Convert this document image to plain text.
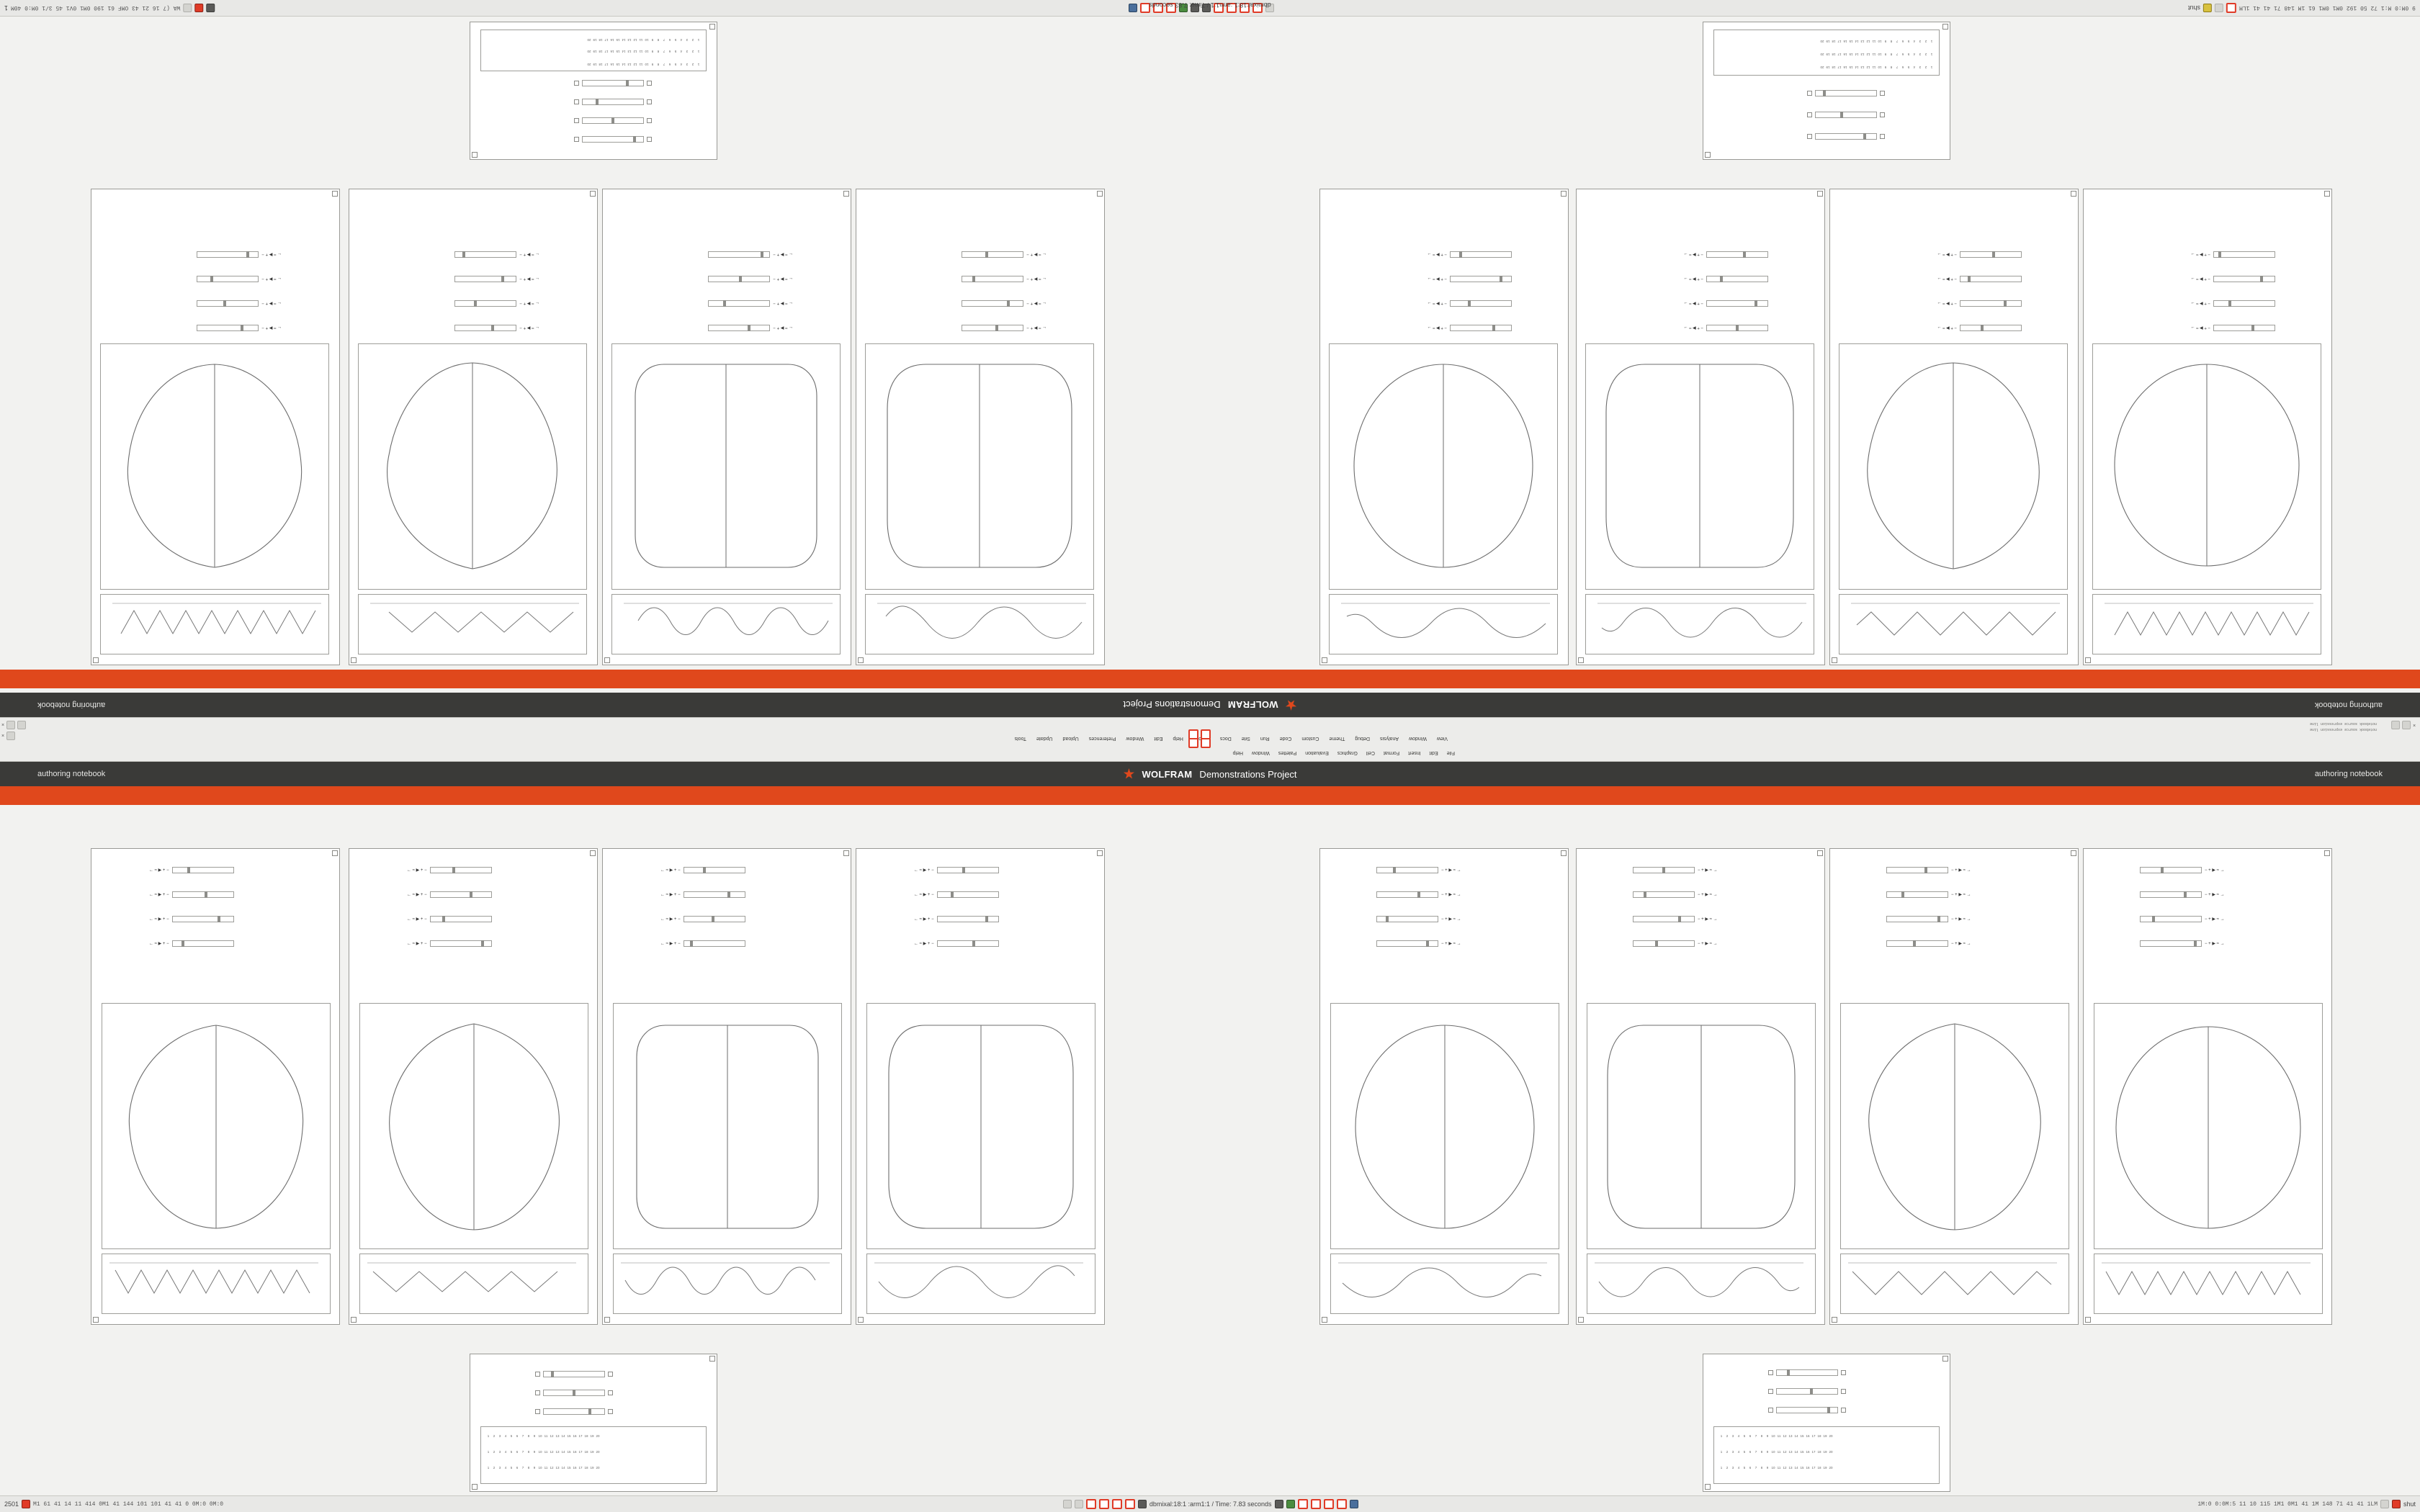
WA (7 16 21 43 OMF 61 190 0M1 0V1 45 3/1 0M:0 40M
1	9 0M:0 M:1 72 50 192 0M1 0M1 61 1M 148 71 41 41 1LM
shut
dbmixal:18:1 :arm1:1 / Time: 7.83 seconds
1
2
3
4
5
6
7
8
9
10
11
12
13
14
15
16
17
18
19
20
1
2
3
4
5
6
7
8
9
10
11
12
13
14
15
16
17
18
19
20
1
2
3
4
5
6
7
8
9
10
11
12
13
14
15
16
17
18
19
20
1
2
3
4
5
6
7
8
9
10
11
12
13
14
15
16
17
18
19
20
1
2
3
4
5
6
7
8
9
10
11
12
13
14
15
16
17
18
19
20
1
2
3
4
5
6
7
8
9
10
11
12
13
14
15
16
17
18
19
20
← ≈ ▶ + −
← ≈ ▶ + −
← ≈ ▶ + −
← ≈ ▶ + −
← ≈ ▶ + −
← ≈ ▶ + −
← ≈ ▶ + −
← ≈ ▶ + −
← ≈ ▶ + −
← ≈ ▶ + −
← ≈ ▶ + −
← ≈ ▶ + −
← ≈ ▶ + −
← ≈ ▶ + −
← ≈ ▶ + −
← ≈ ▶ + −
− + ▶ ≈ →
− + ▶ ≈ →
− + ▶ ≈ →
− + ▶ ≈ →
− + ▶ ≈ →
− + ▶ ≈ →
− + ▶ ≈ →
− + ▶ ≈ →
− + ▶ ≈ →
− + ▶ ≈ →
− + ▶ ≈ →
− + ▶ ≈ →
− + ▶ ≈ →
− + ▶ ≈ →
− + ▶ ≈ →
− + ▶ ≈ →
authoring notebook
WOLFRAM
Demonstrations Project
authoring notebook
×
×
File
Edit
Insert
Format
Cell
Graphics
Evaluation
Palettes
Window
Help
View
Window
Analysis
Debug
Theme
Custom
Code
Run
Site
Docs
Help
Edit
Window
Preferences
Upload
Update
Tools
notebook source expression line
notebook source expression line	×
authoring notebook	WOLFRAM Demonstrations Project	authoring notebook
← ≈ ▶ + −
← ≈ ▶ + −
← ≈ ▶ + −
← ≈ ▶ + −
← ≈ ▶ + −
← ≈ ▶ + −
← ≈ ▶ + −
← ≈ ▶ + −
← ≈ ▶ + −
← ≈ ▶ + −
← ≈ ▶ + −
← ≈ ▶ + −
← ≈ ▶ + −
← ≈ ▶ + −
← ≈ ▶ + −
← ≈ ▶ + −
− + ▶ ≈ →
− + ▶ ≈ →
− + ▶ ≈ →
− + ▶ ≈ →
− + ▶ ≈ →
− + ▶ ≈ →
− + ▶ ≈ →
− + ▶ ≈ →
− + ▶ ≈ →
− + ▶ ≈ →
− + ▶ ≈ →
− + ▶ ≈ →
− + ▶ ≈ →
− + ▶ ≈ →
− + ▶ ≈ →
− + ▶ ≈ →
1	2	3	4	5	6	7	8	9 10 11 12 13 14 15 16 17 18 19 20
1	2	3	4	5	6	7	8	9 10 11 12 13 14 15 16 17 18 19 20
1	2	3	4	5	6	7	8	9 10 11 12 13 14 15 16 17 18 19 20
1	2	3	4	5	6	7	8	9 10 11 12 13 14 15 16 17 18 19 20
1	2	3	4	5	6	7	8	9 10 11 12 13 14 15 16 17 18 19 20
1	2	3	4	5	6	7	8	9 10 11 12 13 14 15 16 17 18 19 20
2501	M1 61 41 14 11 414 0M1 41 144 101 101 41 41 0 0M:0 0M:0	dbmixal:18:1 :arm1:1 / Time: 7.83 seconds	1M:0 0:0M:5 11 10 115 1M1 0M1 41 1M 148 71 41 41 1LM	shut
